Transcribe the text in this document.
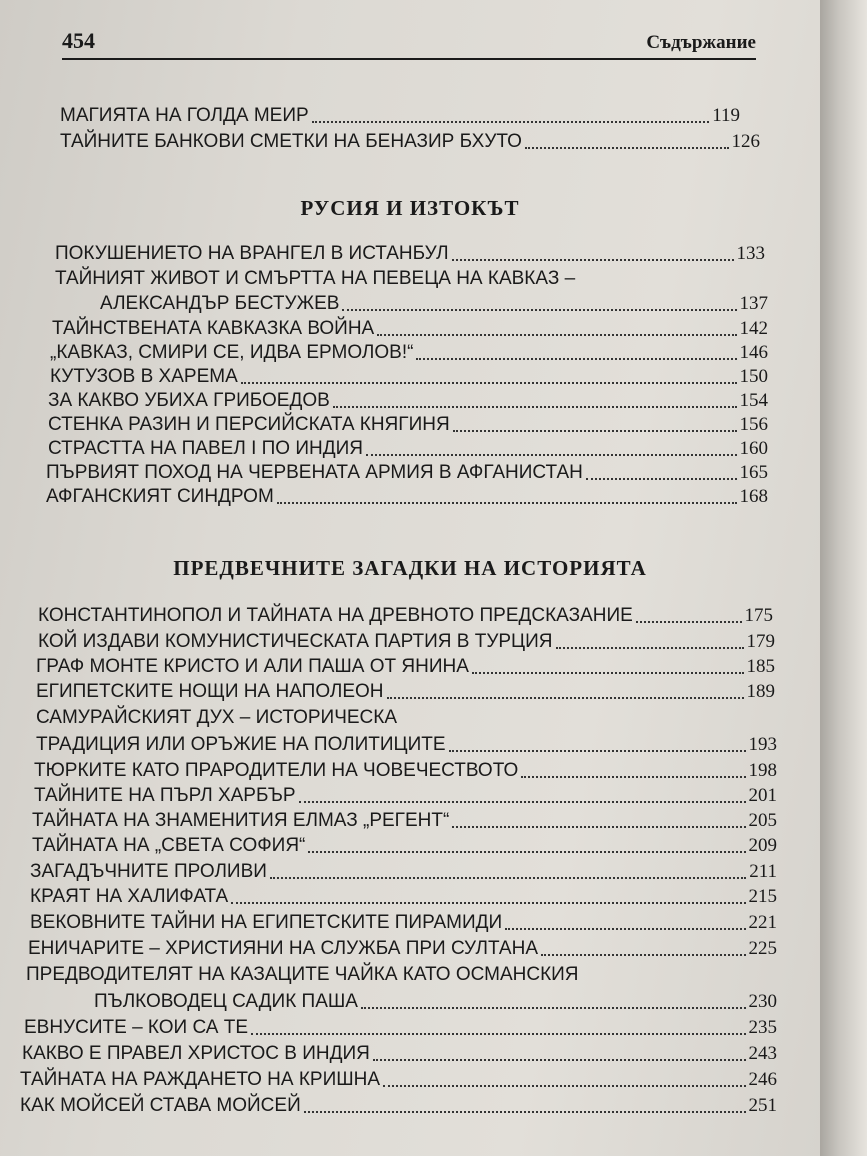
454	Съдържание
МАГИЯТА НА ГОЛДА МЕИР	119
ТАЙНИТЕ БАНКОВИ СМЕТКИ НА БЕНАЗИР БХУТО	126
РУСИЯ И ИЗТОКЪТ
ПОКУШЕНИЕТО НА ВРАНГЕЛ В ИСТАНБУЛ	133
ТАЙНИЯТ ЖИВОТ И СМЪРТТА НА ПЕВЕЦА НА КАВКАЗ –
АЛЕКСАНДЪР БЕСТУЖЕВ	137
ТАЙНСТВЕНАТА КАВКАЗКА ВОЙНА	142
„КАВКАЗ, СМИРИ СЕ, ИДВА ЕРМОЛОВ!“	146
КУТУЗОВ В ХАРЕМА	150
ЗА КАКВО УБИХА ГРИБОЕДОВ	154
СТЕНКА РАЗИН И ПЕРСИЙСКАТА КНЯГИНЯ	156
СТРАСТТА НА ПАВЕЛ I ПО ИНДИЯ	160
ПЪРВИЯТ ПОХОД НА ЧЕРВЕНАТА АРМИЯ В АФГАНИСТАН	165
АФГАНСКИЯТ СИНДРОМ	168
ПРЕДВЕЧНИТЕ ЗАГАДКИ НА ИСТОРИЯТА
КОНСТАНТИНОПОЛ И ТАЙНАТА НА ДРЕВНОТО ПРЕДСКАЗАНИЕ	175
КОЙ ИЗДАВИ КОМУНИСТИЧЕСКАТА ПАРТИЯ В ТУРЦИЯ	179
ГРАФ МОНТЕ КРИСТО И АЛИ ПАША ОТ ЯНИНА	185
ЕГИПЕТСКИТЕ НОЩИ НА НАПОЛЕОН	189
САМУРАЙСКИЯТ ДУХ – ИСТОРИЧЕСКА
ТРАДИЦИЯ ИЛИ ОРЪЖИЕ НА ПОЛИТИЦИТЕ	193
ТЮРКИТЕ КАТО ПРАРОДИТЕЛИ НА ЧОВЕЧЕСТВОТО	198
ТАЙНИТЕ НА ПЪРЛ ХАРБЪР	201
ТАЙНАТА НА ЗНАМЕНИТИЯ ЕЛМАЗ „РЕГЕНТ“	205
ТАЙНАТА НА „СВЕТА СОФИЯ“	209
ЗАГАДЪЧНИТЕ ПРОЛИВИ	211
КРАЯТ НА ХАЛИФАТА	215
ВЕКОВНИТЕ ТАЙНИ НА ЕГИПЕТСКИТЕ ПИРАМИДИ	221
ЕНИЧАРИТЕ – ХРИСТИЯНИ НА СЛУЖБА ПРИ СУЛТАНА	225
ПРЕДВОДИТЕЛЯТ НА КАЗАЦИТЕ ЧАЙКА КАТО ОСМАНСКИЯ
ПЪЛКОВОДЕЦ САДИК ПАША	230
ЕВНУСИТЕ – КОИ СА ТЕ	235
КАКВО Е ПРАВЕЛ ХРИСТОС В ИНДИЯ	243
ТАЙНАТА НА РАЖДАНЕТО НА КРИШНА	246
КАК МОЙСЕЙ СТАВА МОЙСЕЙ	251
